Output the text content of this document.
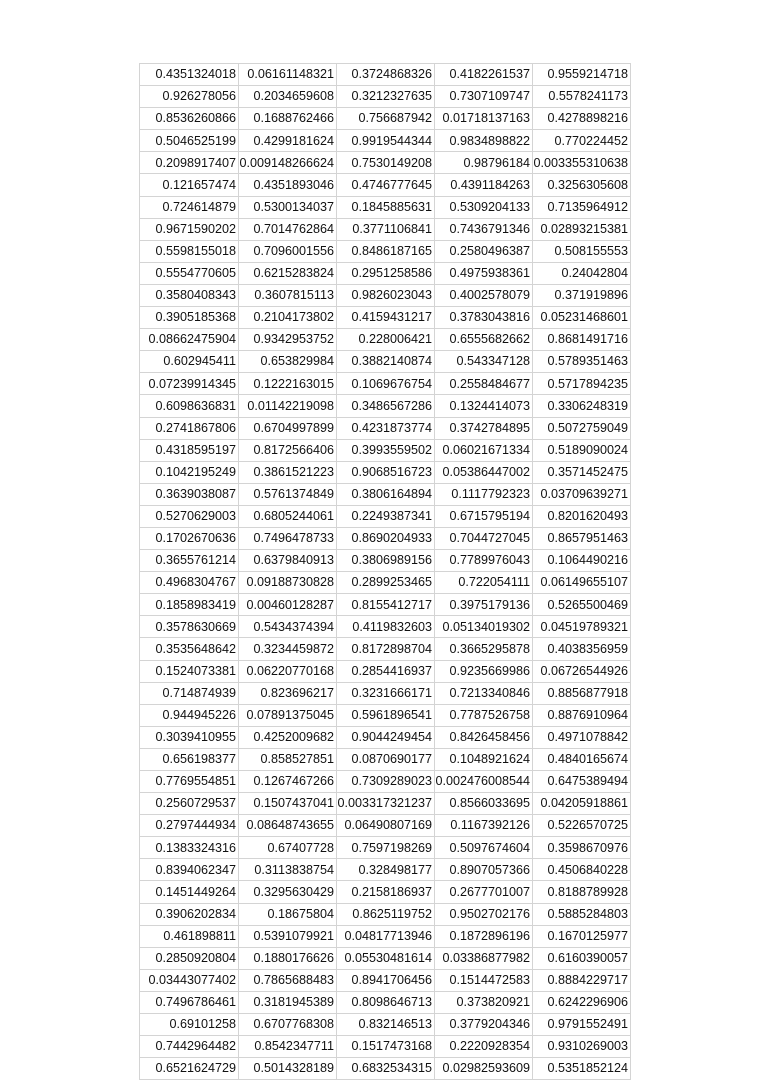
0.4351324018	0.06161148321	0.3724868326	0.4182261537	0.9559214718
0.926278056	0.2034659608	0.3212327635	0.7307109747	0.5578241173
0.8536260866	0.1688762466	0.756687942	0.01718137163	0.4278898216
0.5046525199	0.4299181624	0.9919544344	0.9834898822	0.770224452
0.2098917407	0.009148266624	0.7530149208	0.98796184	0.003355310638
0.121657474	0.4351893046	0.4746777645	0.4391184263	0.3256305608
0.724614879	0.5300134037	0.1845885631	0.5309204133	0.7135964912
0.9671590202	0.7014762864	0.3771106841	0.7436791346	0.02893215381
0.5598155018	0.7096001556	0.8486187165	0.2580496387	0.508155553
0.5554770605	0.6215283824	0.2951258586	0.4975938361	0.24042804
0.3580408343	0.3607815113	0.9826023043	0.4002578079	0.371919896
0.3905185368	0.2104173802	0.4159431217	0.3783043816	0.05231468601
0.08662475904	0.9342953752	0.228006421	0.6555682662	0.8681491716
0.602945411	0.653829984	0.3882140874	0.543347128	0.5789351463
0.07239914345	0.1222163015	0.1069676754	0.2558484677	0.5717894235
0.6098636831	0.01142219098	0.3486567286	0.1324414073	0.3306248319
0.2741867806	0.6704997899	0.4231873774	0.3742784895	0.5072759049
0.4318595197	0.8172566406	0.3993559502	0.06021671334	0.5189090024
0.1042195249	0.3861521223	0.9068516723	0.05386447002	0.3571452475
0.3639038087	0.5761374849	0.3806164894	0.1117792323	0.03709639271
0.5270629003	0.6805244061	0.2249387341	0.6715795194	0.8201620493
0.1702670636	0.7496478733	0.8690204933	0.7044727045	0.8657951463
0.3655761214	0.6379840913	0.3806989156	0.7789976043	0.1064490216
0.4968304767	0.09188730828	0.2899253465	0.722054111	0.06149655107
0.1858983419	0.00460128287	0.8155412717	0.3975179136	0.5265500469
0.3578630669	0.5434374394	0.4119832603	0.05134019302	0.04519789321
0.3535648642	0.3234459872	0.8172898704	0.3665295878	0.4038356959
0.1524073381	0.06220770168	0.2854416937	0.9235669986	0.06726544926
0.714874939	0.823696217	0.3231666171	0.7213340846	0.8856877918
0.944945226	0.07891375045	0.5961896541	0.7787526758	0.8876910964
0.3039410955	0.4252009682	0.9044249454	0.8426458456	0.4971078842
0.656198377	0.858527851	0.0870690177	0.1048921624	0.4840165674
0.7769554851	0.1267467266	0.7309289023	0.002476008544	0.6475389494
0.2560729537	0.1507437041	0.003317321237	0.8566033695	0.04205918861
0.2797444934	0.08648743655	0.06490807169	0.1167392126	0.5226570725
0.1383324316	0.67407728	0.7597198269	0.5097674604	0.3598670976
0.8394062347	0.3113838754	0.328498177	0.8907057366	0.4506840228
0.1451449264	0.3295630429	0.2158186937	0.2677701007	0.8188789928
0.3906202834	0.18675804	0.8625119752	0.9502702176	0.5885284803
0.461898811	0.5391079921	0.04817713946	0.1872896196	0.1670125977
0.2850920804	0.1880176626	0.05530481614	0.03386877982	0.6160390057
0.03443077402	0.7865688483	0.8941706456	0.1514472583	0.8884229717
0.7496786461	0.3181945389	0.8098646713	0.373820921	0.6242296906
0.69101258	0.6707768308	0.832146513	0.3779204346	0.9791552491
0.7442964482	0.8542347711	0.1517473168	0.2220928354	0.9310269003
0.6521624729	0.5014328189	0.6832534315	0.02982593609	0.5351852124
